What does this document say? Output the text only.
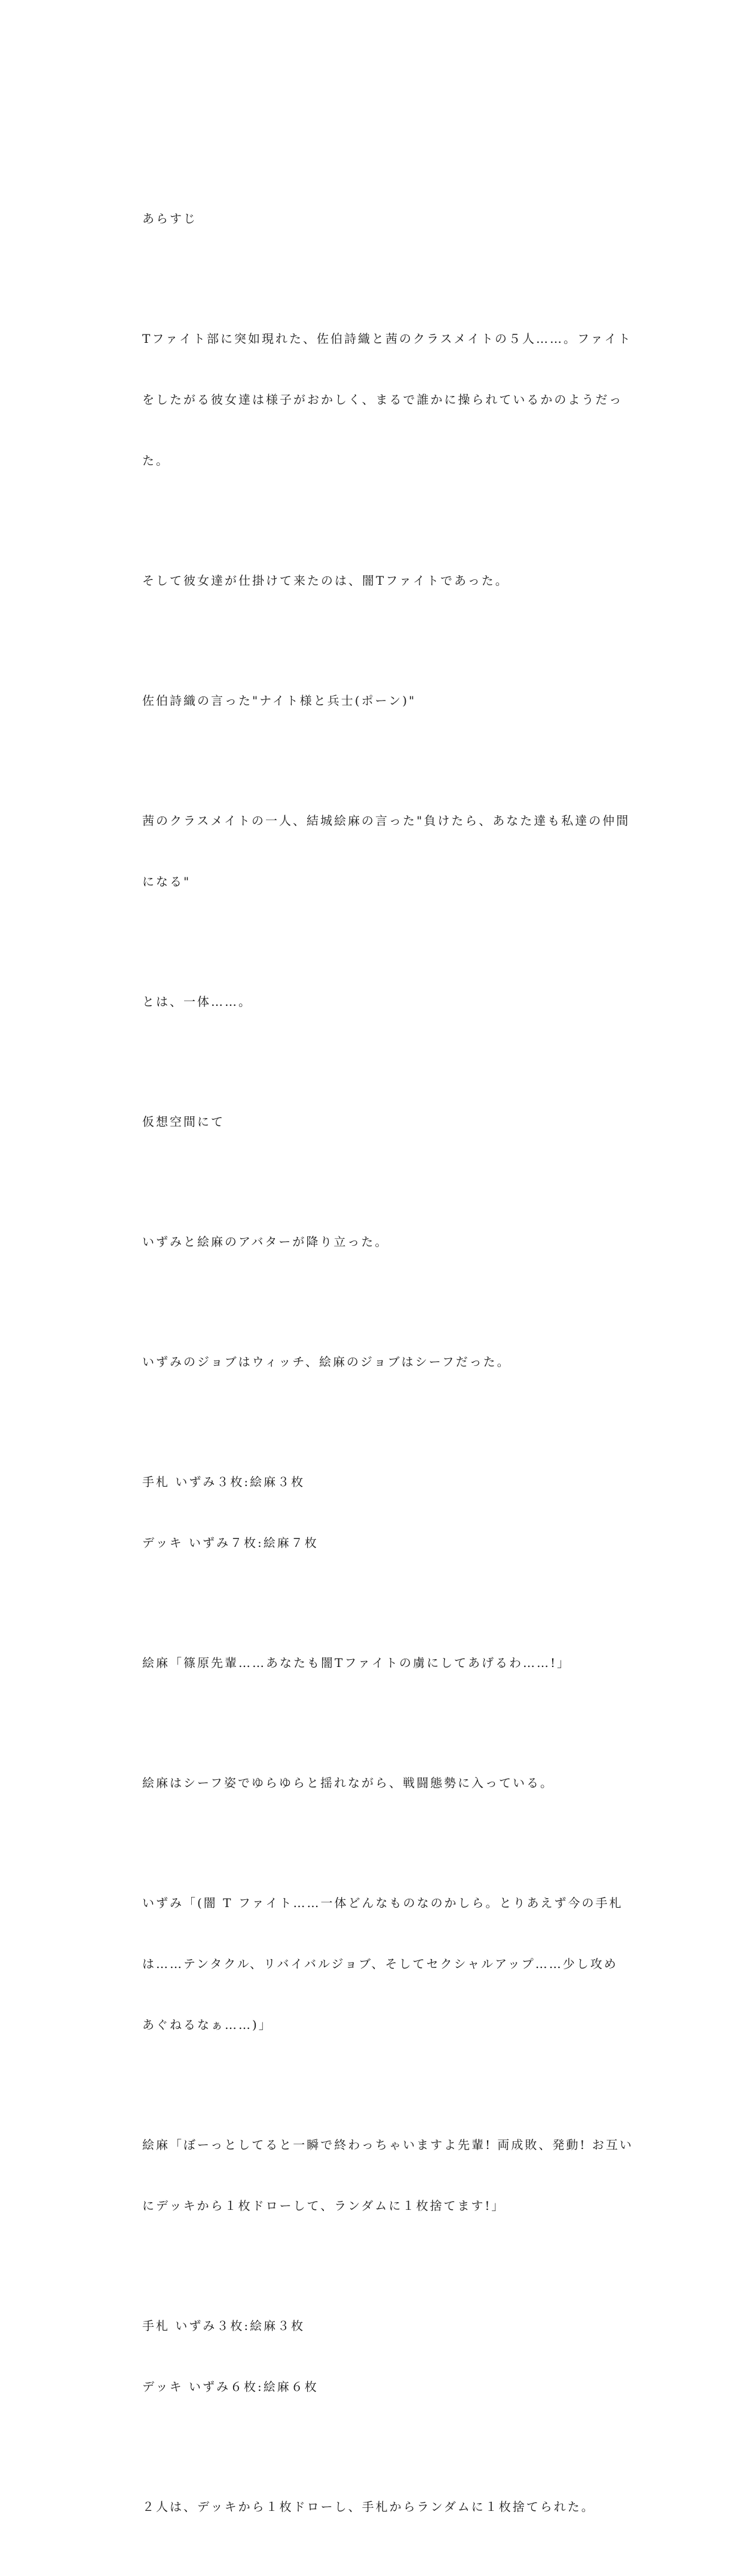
あらすじ

Tファイト部に突如現れた、佐伯詩織と茜のクラスメイトの５人……。ファイト

をしたがる彼女達は様子がおかしく、まるで誰かに操られているかのようだっ

た。

そして彼女達が仕掛けて来たのは、闇Tファイトであった。

佐伯詩織の言った"ナイト様と兵士(ポーン)"

茜のクラスメイトの一人、結城絵麻の言った"負けたら、あなた達も私達の仲間

になる"

とは、一体……。

仮想空間にて

いずみと絵麻のアバターが降り立った。

いずみのジョブはウィッチ、絵麻のジョブはシーフだった。

手札 いずみ３枚:絵麻３枚

デッキ いずみ７枚:絵麻７枚

絵麻「篠原先輩……あなたも闇Tファイトの虜にしてあげるわ……!」

絵麻はシーフ姿でゆらゆらと揺れながら、戦闘態勢に入っている。

いずみ「(闇 T ファイト……一体どんなものなのかしら。とりあえず今の手札

は……テンタクル、リバイバルジョブ、そしてセクシャルアップ……少し攻め

あぐねるなぁ……)」

絵麻「ぼーっとしてると一瞬で終わっちゃいますよ先輩! 両成敗、発動! お互い

にデッキから１枚ドローして、ランダムに１枚捨てます!」

手札 いずみ３枚:絵麻３枚

デッキ いずみ６枚:絵麻６枚

２人は、デッキから１枚ドローし、手札からランダムに１枚捨てられた。
